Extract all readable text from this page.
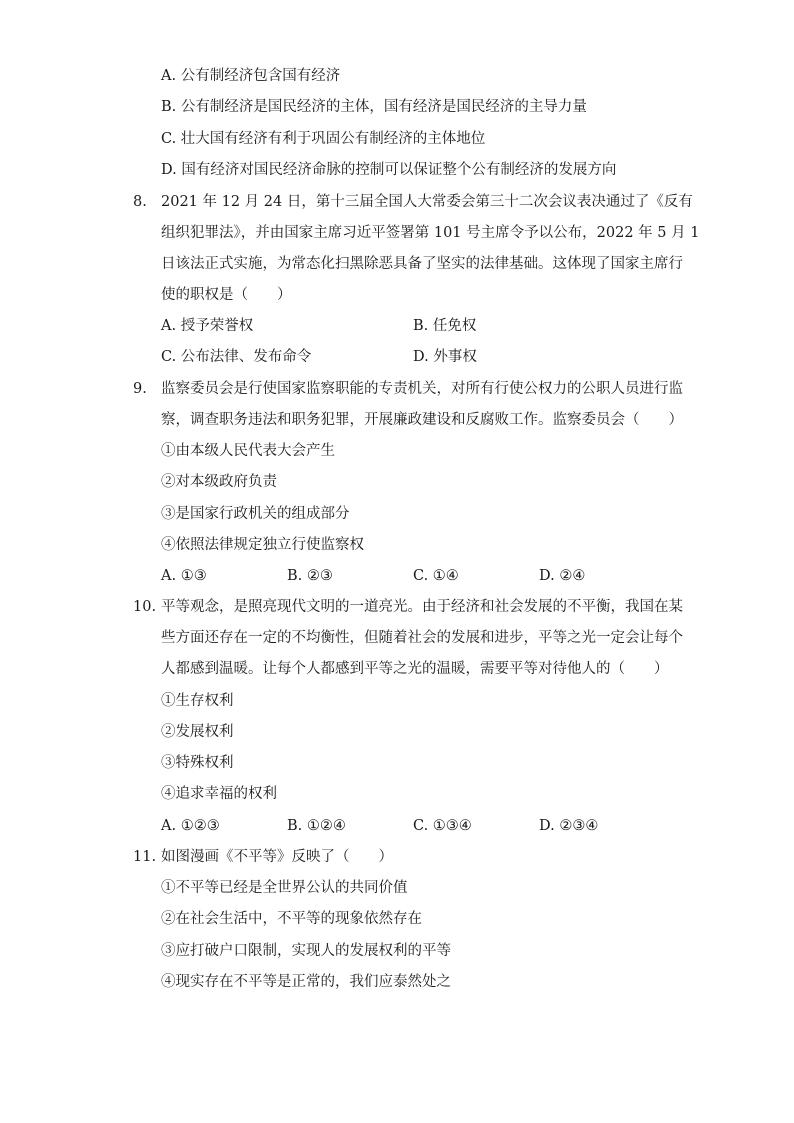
A. 公有制经济包含国有经济
B. 公有制经济是国民经济的主体，国有经济是国民经济的主导力量
C. 壮大国有经济有利于巩固公有制经济的主体地位
D. 国有经济对国民经济命脉的控制可以保证整个公有制经济的发展方向
8. 2021 年 12 月 24 日，第十三届全国人大常委会第三十二次会议表决通过了《反有
组织犯罪法》，并由国家主席习近平签署第 101 号主席令予以公布，2022 年 5 月 1
日该法正式实施，为常态化扫黑除恶具备了坚实的法律基础。这体现了国家主席行
使的职权是（　　）
A. 授予荣誉权	B. 任免权
C. 公布法律、发布命令	D. 外事权
9. 监察委员会是行使国家监察职能的专责机关，对所有行使公权力的公职人员进行监
察，调查职务违法和职务犯罪，开展廉政建设和反腐败工作。监察委员会（　　）
①由本级人民代表大会产生
②对本级政府负责
③是国家行政机关的组成部分
④依照法律规定独立行使监察权
A. ①③	B. ②③	C. ①④	D. ②④
10. 平等观念，是照亮现代文明的一道亮光。由于经济和社会发展的不平衡，我国在某
些方面还存在一定的不均衡性，但随着社会的发展和进步，平等之光一定会让每个
人都感到温暖。让每个人都感到平等之光的温暖，需要平等对待他人的（　　）
①生存权利
②发展权利
③特殊权利
④追求幸福的权利
A. ①②③	B. ①②④	C. ①③④	D. ②③④
11. 如图漫画《不平等》反映了（　　）
①不平等已经是全世界公认的共同价值
②在社会生活中，不平等的现象依然存在
③应打破户口限制，实现人的发展权利的平等
④现实存在不平等是正常的，我们应泰然处之
